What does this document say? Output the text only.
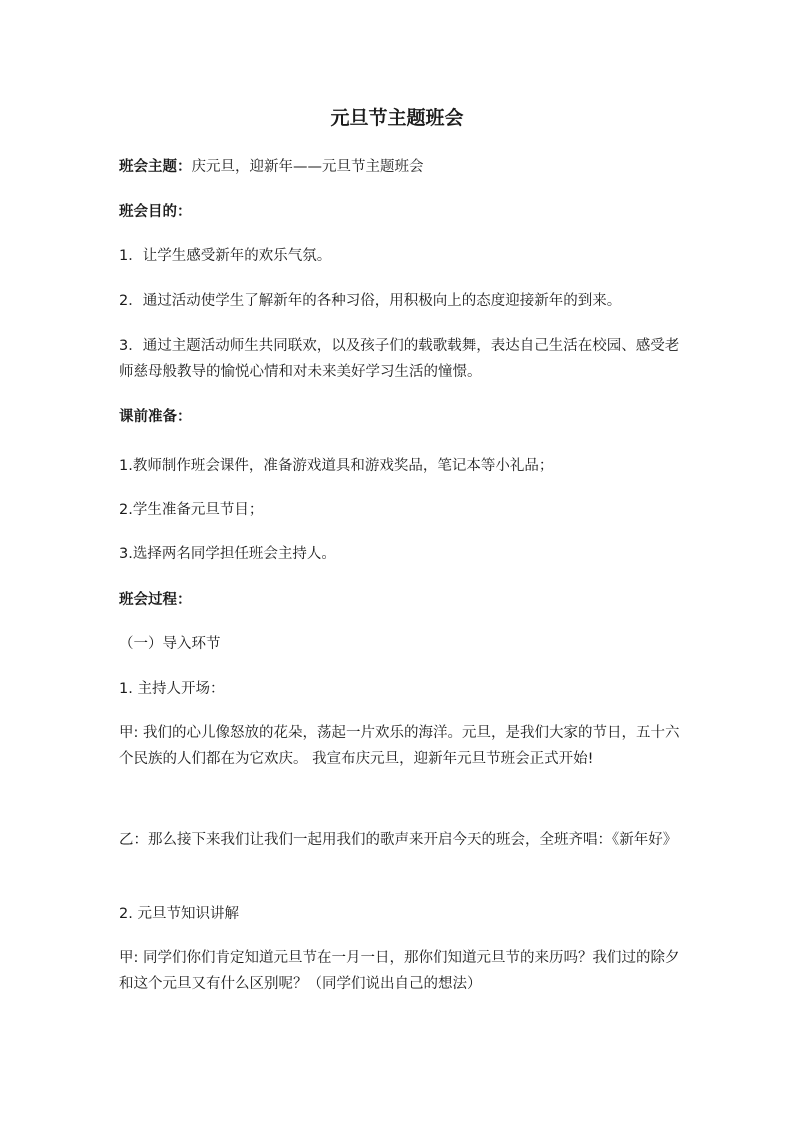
元旦节主题班会

班会主题：庆元旦，迎新年——元旦节主题班会

班会目的：

1．让学生感受新年的欢乐气氛。

2．通过活动使学生了解新年的各种习俗，用积极向上的态度迎接新年的到来。

3．通过主题活动师生共同联欢，以及孩子们的载歌载舞，表达自己生活在校园、感受老师慈母般教导的愉悦心情和对未来美好学习生活的憧憬。

课前准备：

1.教师制作班会课件，准备游戏道具和游戏奖品，笔记本等小礼品；

2.学生准备元旦节目；

3.选择两名同学担任班会主持人。

班会过程：

（一）导入环节

1. 主持人开场：

甲: 我们的心儿像怒放的花朵，荡起一片欢乐的海洋。元旦，是我们大家的节日，五十六个民族的人们都在为它欢庆。 我宣布庆元旦，迎新年元旦节班会正式开始!

乙：那么接下来我们让我们一起用我们的歌声来开启今天的班会，全班齐唱：《新年好》

2. 元旦节知识讲解

甲: 同学们你们肯定知道元旦节在一月一日，那你们知道元旦节的来历吗？我们过的除夕和这个元旦又有什么区别呢？（同学们说出自己的想法）
